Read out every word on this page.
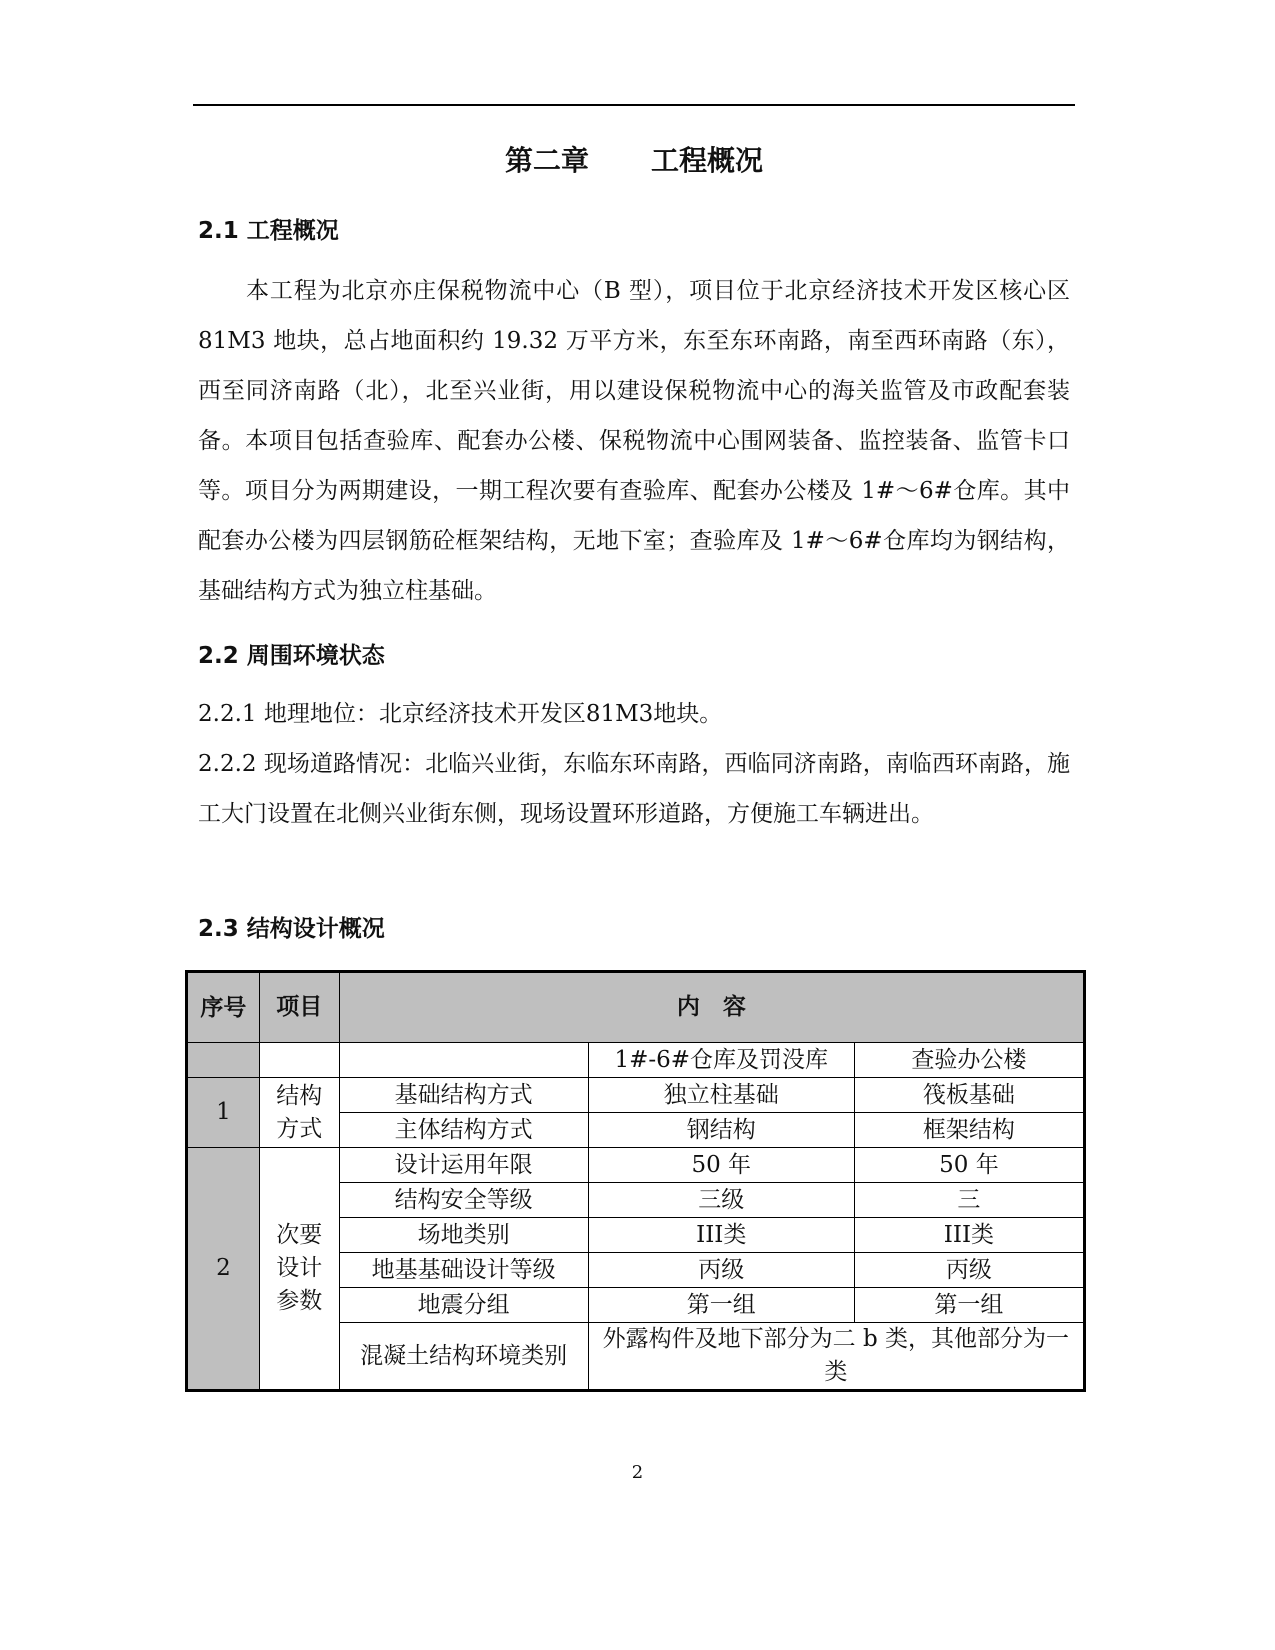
第二章 工程概况
2.1 工程概况
本工程为北京亦庄保税物流中心（B 型），项目位于北京经济技术开发区核心区 81M3 地块，总占地面积约 19.32 万平方米，东至东环南路，南至西环南路（东），西至同济南路（北），北至兴业街，用以建设保税物流中心的海关监管及市政配套装备。本项目包括查验库、配套办公楼、保税物流中心围网装备、监控装备、监管卡口等。项目分为两期建设，一期工程次要有查验库、配套办公楼及 1#～6#仓库。其中配套办公楼为四层钢筋砼框架结构，无地下室；查验库及 1#～6#仓库均为钢结构，基础结构方式为独立柱基础。
2.2 周围环境状态
2.2.1 地理地位：北京经济技术开发区81M3地块。
2.2.2 现场道路情况：北临兴业街，东临东环南路，西临同济南路，南临西环南路，施工大门设置在北侧兴业街东侧，现场设置环形道路，方便施工车辆进出。
2.3 结构设计概况
序号	项目	内　容		
			1#-6#仓库及罚没库	查验办公楼
1	结构方式	基础结构方式	独立柱基础	筏板基础
		主体结构方式	钢结构	框架结构
2	次要设计参数	设计运用年限	50 年	50 年
		结构安全等级	三级	三
		场地类别	III类	III类
		地基基础设计等级	丙级	丙级
		地震分组	第一组	第一组
		混凝土结构环境类别	外露构件及地下部分为二 b 类，其他部分为一类	
2
